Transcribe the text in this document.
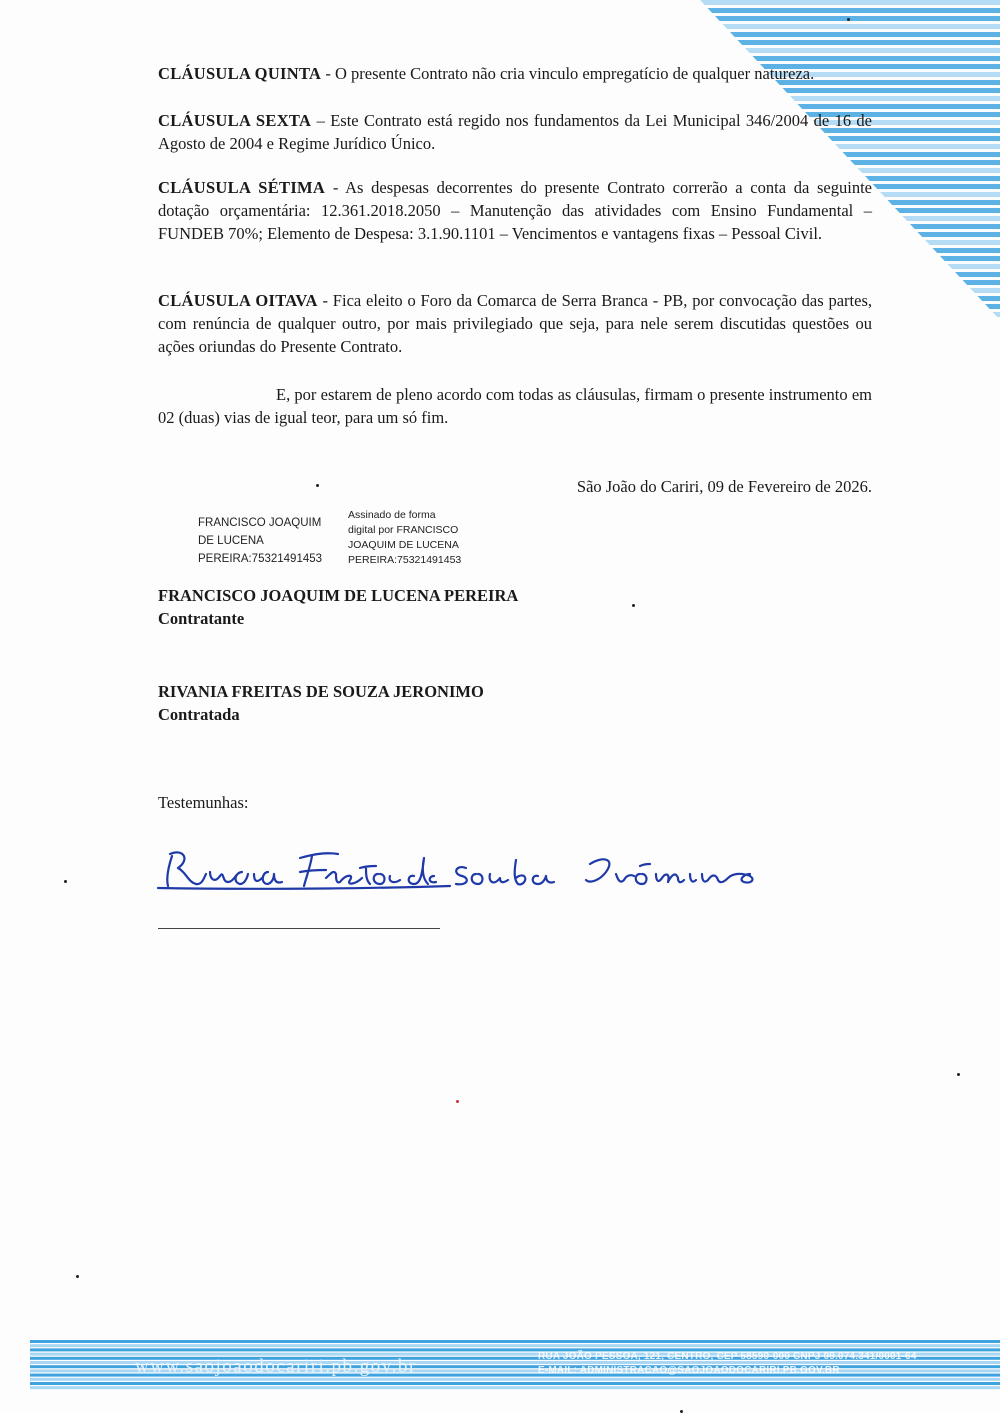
CLÁUSULA QUINTA - O presente Contrato não cria vinculo empregatício de qualquer natureza.
CLÁUSULA SEXTA – Este Contrato está regido nos fundamentos da Lei Municipal 346/2004 de 16 de Agosto de 2004 e Regime Jurídico Único.
CLÁUSULA SÉTIMA - As despesas decorrentes do presente Contrato correrão a conta da seguinte dotação orçamentária: 12.361.2018.2050 – Manutenção das atividades com Ensino Fundamental – FUNDEB 70%; Elemento de Despesa: 3.1.90.1101 – Vencimentos e vantagens fixas – Pessoal Civil.
CLÁUSULA OITAVA - Fica eleito o Foro da Comarca de Serra Branca - PB, por convocação das partes, com renúncia de qualquer outro, por mais privilegiado que seja, para nele serem discutidas questões ou ações oriundas do Presente Contrato.
E, por estarem de pleno acordo com todas as cláusulas, firmam o presente instrumento em 02 (duas) vias de igual teor, para um só fim.
São João do Cariri, 09 de Fevereiro de 2026.
FRANCISCO JOAQUIM
DE LUCENA
PEREIRA:75321491453
Assinado de forma
digital por FRANCISCO
JOAQUIM DE LUCENA
PEREIRA:75321491453
FRANCISCO JOAQUIM DE LUCENA PEREIRA
Contratante
RIVANIA FREITAS DE SOUZA JERONIMO
Contratada
Testemunhas:
www.saojoaodocariri.pb.gov.br	RUA JOÃO PESSOA, 121, CENTRO, CEP 58590-000 CNPJ 09.074.341/0001-64
E-MAIL: ADMINISTRACAO@SAOJOAODOCARIRI.PB.GOV.BR
